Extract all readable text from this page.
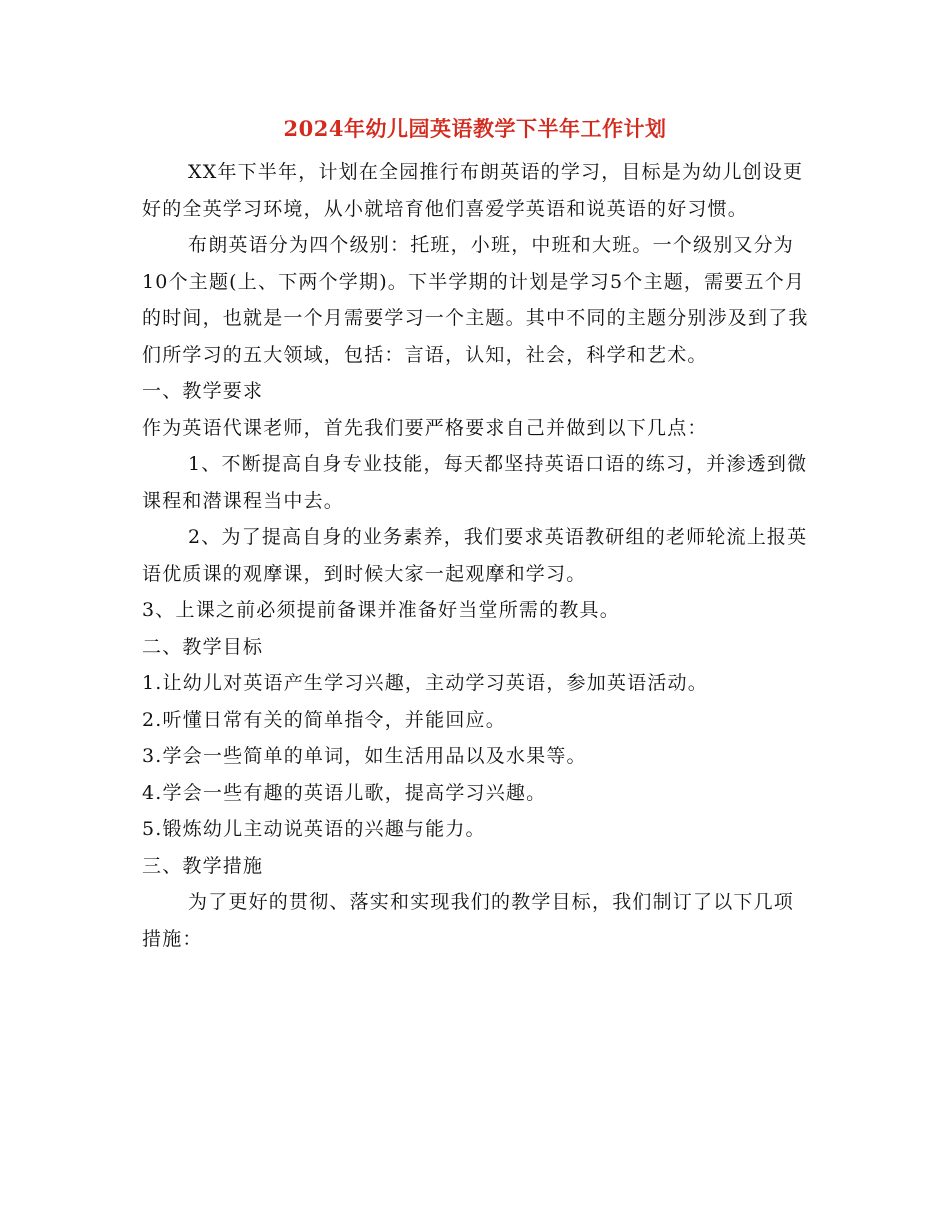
2024年幼儿园英语教学下半年工作计划

XX年下半年，计划在全园推行布朗英语的学习，目标是为幼儿创设更好的全英学习环境，从小就培育他们喜爱学英语和说英语的好习惯。

布朗英语分为四个级别：托班，小班，中班和大班。一个级别又分为10个主题(上、下两个学期)。下半学期的计划是学习5个主题，需要五个月的时间，也就是一个月需要学习一个主题。其中不同的主题分别涉及到了我们所学习的五大领域，包括：言语，认知，社会，科学和艺术。

一、教学要求

作为英语代课老师，首先我们要严格要求自己并做到以下几点：

1、不断提高自身专业技能，每天都坚持英语口语的练习，并渗透到微课程和潜课程当中去。

2、为了提高自身的业务素养，我们要求英语教研组的老师轮流上报英语优质课的观摩课，到时候大家一起观摩和学习。

3、上课之前必须提前备课并准备好当堂所需的教具。

二、教学目标

1.让幼儿对英语产生学习兴趣，主动学习英语，参加英语活动。

2.听懂日常有关的简单指令，并能回应。

3.学会一些简单的单词，如生活用品以及水果等。

4.学会一些有趣的英语儿歌，提高学习兴趣。

5.锻炼幼儿主动说英语的兴趣与能力。

三、教学措施

为了更好的贯彻、落实和实现我们的教学目标，我们制订了以下几项措施：
